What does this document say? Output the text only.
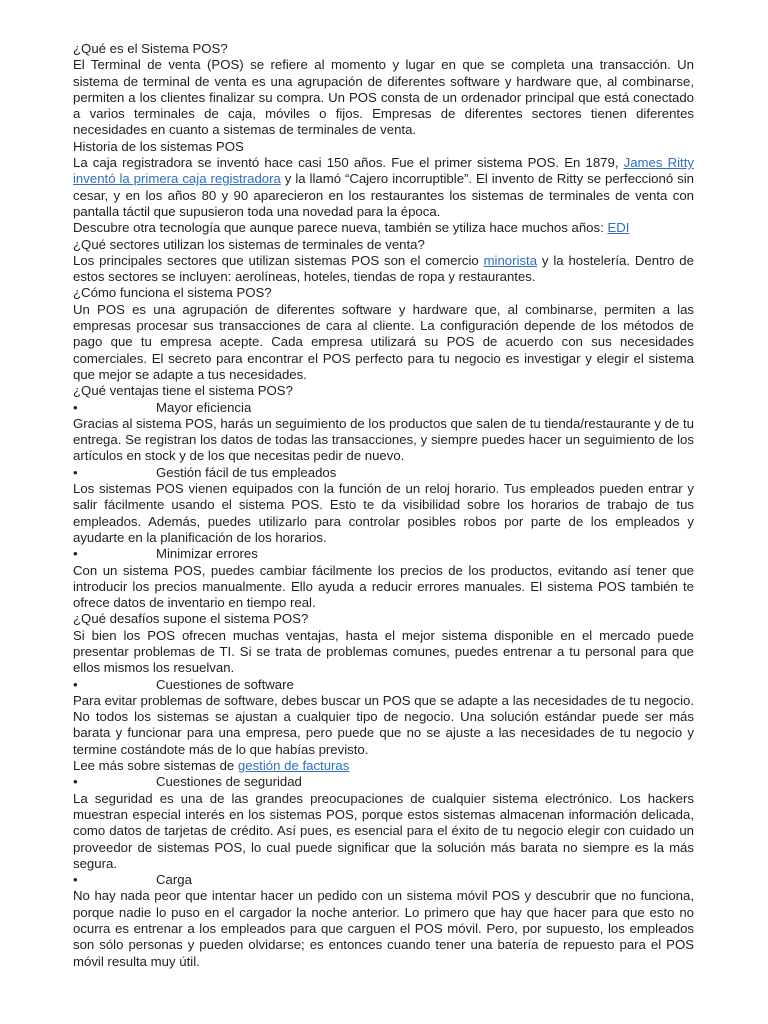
¿Qué es el Sistema POS?
El Terminal de venta (POS) se refiere al momento y lugar en que se completa una transacción. Un sistema de terminal de venta es una agrupación de diferentes software y hardware que, al combinarse, permiten a los clientes finalizar su compra. Un POS consta de un ordenador principal que está conectado a varios terminales de caja, móviles o fijos. Empresas de diferentes sectores tienen diferentes necesidades en cuanto a sistemas de terminales de venta.
Historia de los sistemas POS
La caja registradora se inventó hace casi 150 años. Fue el primer sistema POS. En 1879, James Ritty inventó la primera caja registradora y la llamó “Cajero incorruptible”. El invento de Ritty se perfeccionó sin cesar, y en los años 80 y 90 aparecieron en los restaurantes los sistemas de terminales de venta con pantalla táctil que supusieron toda una novedad para la época.
Descubre otra tecnología que aunque parece nueva, también se ytiliza hace muchos años: EDI
¿Qué sectores utilizan los sistemas de terminales de venta?
Los principales sectores que utilizan sistemas POS son el comercio minorista y la hostelería. Dentro de estos sectores se incluyen: aerolíneas, hoteles, tiendas de ropa y restaurantes.
¿Cómo funciona el sistema POS?
Un POS es una agrupación de diferentes software y hardware que, al combinarse, permiten a las empresas procesar sus transacciones de cara al cliente. La configuración depende de los métodos de pago que tu empresa acepte. Cada empresa utilizará su POS de acuerdo con sus necesidades comerciales. El secreto para encontrar el POS perfecto para tu negocio es investigar y elegir el sistema que mejor se adapte a tus necesidades.
¿Qué ventajas tiene el sistema POS?
•	Mayor eficiencia
Gracias al sistema POS, harás un seguimiento de los productos que salen de tu tienda/restaurante y de tu entrega. Se registran los datos de todas las transacciones, y siempre puedes hacer un seguimiento de los artículos en stock y de los que necesitas pedir de nuevo.
•	Gestión fácil de tus empleados
Los sistemas POS vienen equipados con la función de un reloj horario. Tus empleados pueden entrar y salir fácilmente usando el sistema POS. Esto te da visibilidad sobre los horarios de trabajo de tus empleados. Además, puedes utilizarlo para controlar posibles robos por parte de los empleados y ayudarte en la planificación de los horarios.
•	Minimizar errores
Con un sistema POS, puedes cambiar fácilmente los precios de los productos, evitando así tener que introducir los precios manualmente. Ello ayuda a reducir errores manuales. El sistema POS también te ofrece datos de inventario en tiempo real.
¿Qué desafíos supone el sistema POS?
Si bien los POS ofrecen muchas ventajas, hasta el mejor sistema disponible en el mercado puede presentar problemas de TI. Si se trata de problemas comunes, puedes entrenar a tu personal para que ellos mismos los resuelvan.
•	Cuestiones de software
Para evitar problemas de software, debes buscar un POS que se adapte a las necesidades de tu negocio. No todos los sistemas se ajustan a cualquier tipo de negocio. Una solución estándar puede ser más barata y funcionar para una empresa, pero puede que no se ajuste a las necesidades de tu negocio y termine costándote más de lo que habías previsto.
Lee más sobre sistemas de gestión de facturas
•	Cuestiones de seguridad
La seguridad es una de las grandes preocupaciones de cualquier sistema electrónico. Los hackers muestran especial interés en los sistemas POS, porque estos sistemas almacenan información delicada, como datos de tarjetas de crédito. Así pues, es esencial para el éxito de tu negocio elegir con cuidado un proveedor de sistemas POS, lo cual puede significar que la solución más barata no siempre es la más segura.
•	Carga
No hay nada peor que intentar hacer un pedido con un sistema móvil POS y descubrir que no funciona, porque nadie lo puso en el cargador la noche anterior. Lo primero que hay que hacer para que esto no ocurra es entrenar a los empleados para que carguen el POS móvil. Pero, por supuesto, los empleados son sólo personas y pueden olvidarse; es entonces cuando tener una batería de repuesto para el POS móvil resulta muy útil.
